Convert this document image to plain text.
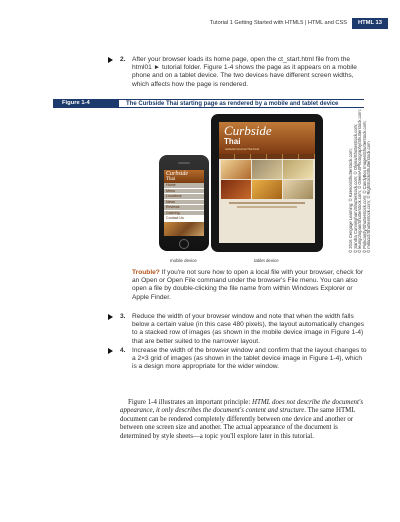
Tutorial 1 Getting Started with HTML5 | HTML and CSS	HTML 13
2. After your browser loads its home page, open the ct_start.html file from the html01 ► tutorial folder. Figure 1-4 shows the page as it appears on a mobile phone and on a tablet device. The two devices have different screen widths, which affects how the page is rendered.
Figure 1-4	The Curbside Thai starting page as rendered by a mobile and tablet device
Curbside
Thai
Home
Menu
Locations
News
Reviews
Catering
Contact Us
Curbside
Thai
Authentic Gourmet Thai Food
mobile device	tablet device
© 2016 Cengage Learning; © Kzenon/Shutterstock.com; © Sandra Cunningham/Shutterstock.com; © Olyina/Shutterstock.com; © leungchopan/Shutterstock.com; © GreenArtPhotography/Shutterstock.com; © Pinkcandy/Shutterstock.com; © CandyBox Images/Shutterstock.com; © milla1cf/Shutterstock.com; © Rightstock/Shutterstock.com
Trouble? If you're not sure how to open a local file with your browser, check for an Open or Open File command under the browser's File menu. You can also open a file by double-clicking the file name from within Windows Explorer or Apple Finder.
3. Reduce the width of your browser window and note that when the width falls below a certain value (in this case 480 pixels), the layout automatically changes to a stacked row of images (as shown in the mobile device image in Figure 1-4) that are better suited to the narrower layout.
4. Increase the width of the browser window and confirm that the layout changes to a 2×3 grid of images (as shown in the tablet device image in Figure 1-4), which is a design more appropriate for the wider window.
Figure 1-4 illustrates an important principle: HTML does not describe the document's appearance, it only describes the document's content and structure. The same HTML document can be rendered completely differently between one device and another or between one screen size and another. The actual appearance of the document is determined by style sheets—a topic you'll explore later in this tutorial.
